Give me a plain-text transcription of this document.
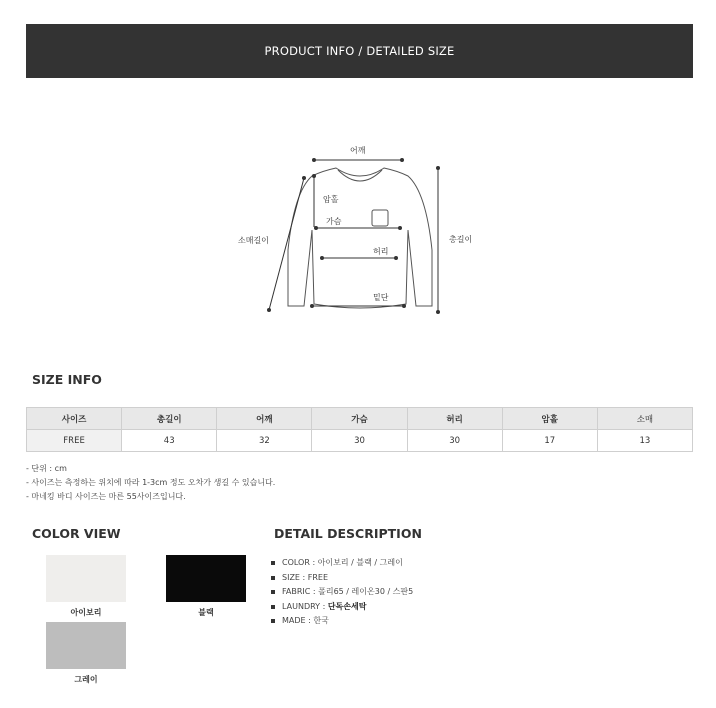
PRODUCT INFO / DETAILED SIZE
어깨
암홀
가슴
허리
밑단
소매길이	총길이
SIZE INFO
사이즈	총길이	어깨	가슴	허리	암홀	소매
FREE	43	32	30	30	17	13
- 단위 : cm
- 사이즈는 측정하는 위치에 따라 1-3cm 정도 오차가 생길 수 있습니다.
- 마네킹 바디 사이즈는 마른 55사이즈입니다.
COLOR VIEW
아이보리	블랙
그레이
DETAIL DESCRIPTION
COLOR : 아이보리 / 블랙 / 그레이
SIZE : FREE
FABRIC : 폴리65 / 레이온30 / 스판5
LAUNDRY : 단독손세탁
MADE : 한국
